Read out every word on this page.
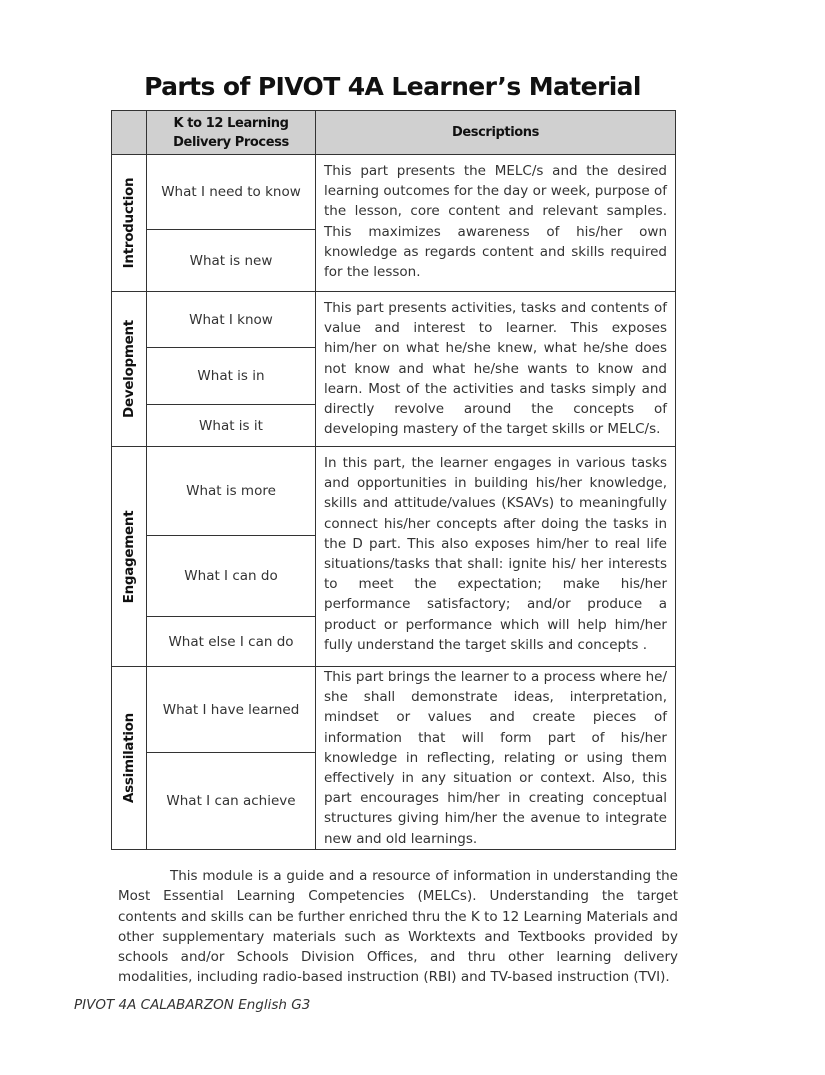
Parts of PIVOT 4A Learner’s Material
	K to 12 Learning
Delivery Process	Descriptions

Introduction	What I need to know	This part presents the MELC/s and the desired learning outcomes for the day or week, purpose of the lesson, core content and relevant samples. This maximizes awareness of his/her own knowledge as regards content and skills required for the lesson.

	What is new	

Development	What I know	This part presents activities, tasks and contents of value and interest to learner. This exposes him/her on what he/she knew, what he/she does not know and what he/she wants to know and learn. Most of the activities and tasks simply and directly revolve around the concepts of developing mastery of the target skills or MELC/s.

	What is in	
	What is it	

Engagement	What is more	In this part, the learner engages in various tasks and opportunities in building his/her knowledge, skills and attitude/values (KSAVs) to meaningfully connect his/her concepts after doing the tasks in the D part. This also exposes him/her to real life situations/tasks that shall: ignite his/ her interests to meet the expectation; make his/her performance satisfactory; and/or produce a product or performance which will help him/her fully understand the target skills and concepts .

	What I can do	
	What else I can do	

Assimilation	What I have learned	This part brings the learner to a process where he/ she shall demonstrate ideas, interpretation, mindset or values and create pieces of information that will form part of his/her knowledge in reflecting, relating or using them effectively in any situation or context. Also, this part encourages him/her in creating conceptual structures giving him/her the avenue to integrate new and old learnings.

	What I can achieve	
This module is a guide and a resource of information in understanding the Most Essential Learning Competencies (MELCs). Understanding the target contents and skills can be further enriched thru the K to 12 Learning Materials and other supplementary materials such as Worktexts and Textbooks provided by schools and/or Schools Division Offices, and thru other learning delivery modalities, including radio-based instruction (RBI) and TV-based instruction (TVI).
PIVOT 4A CALABARZON English G3
